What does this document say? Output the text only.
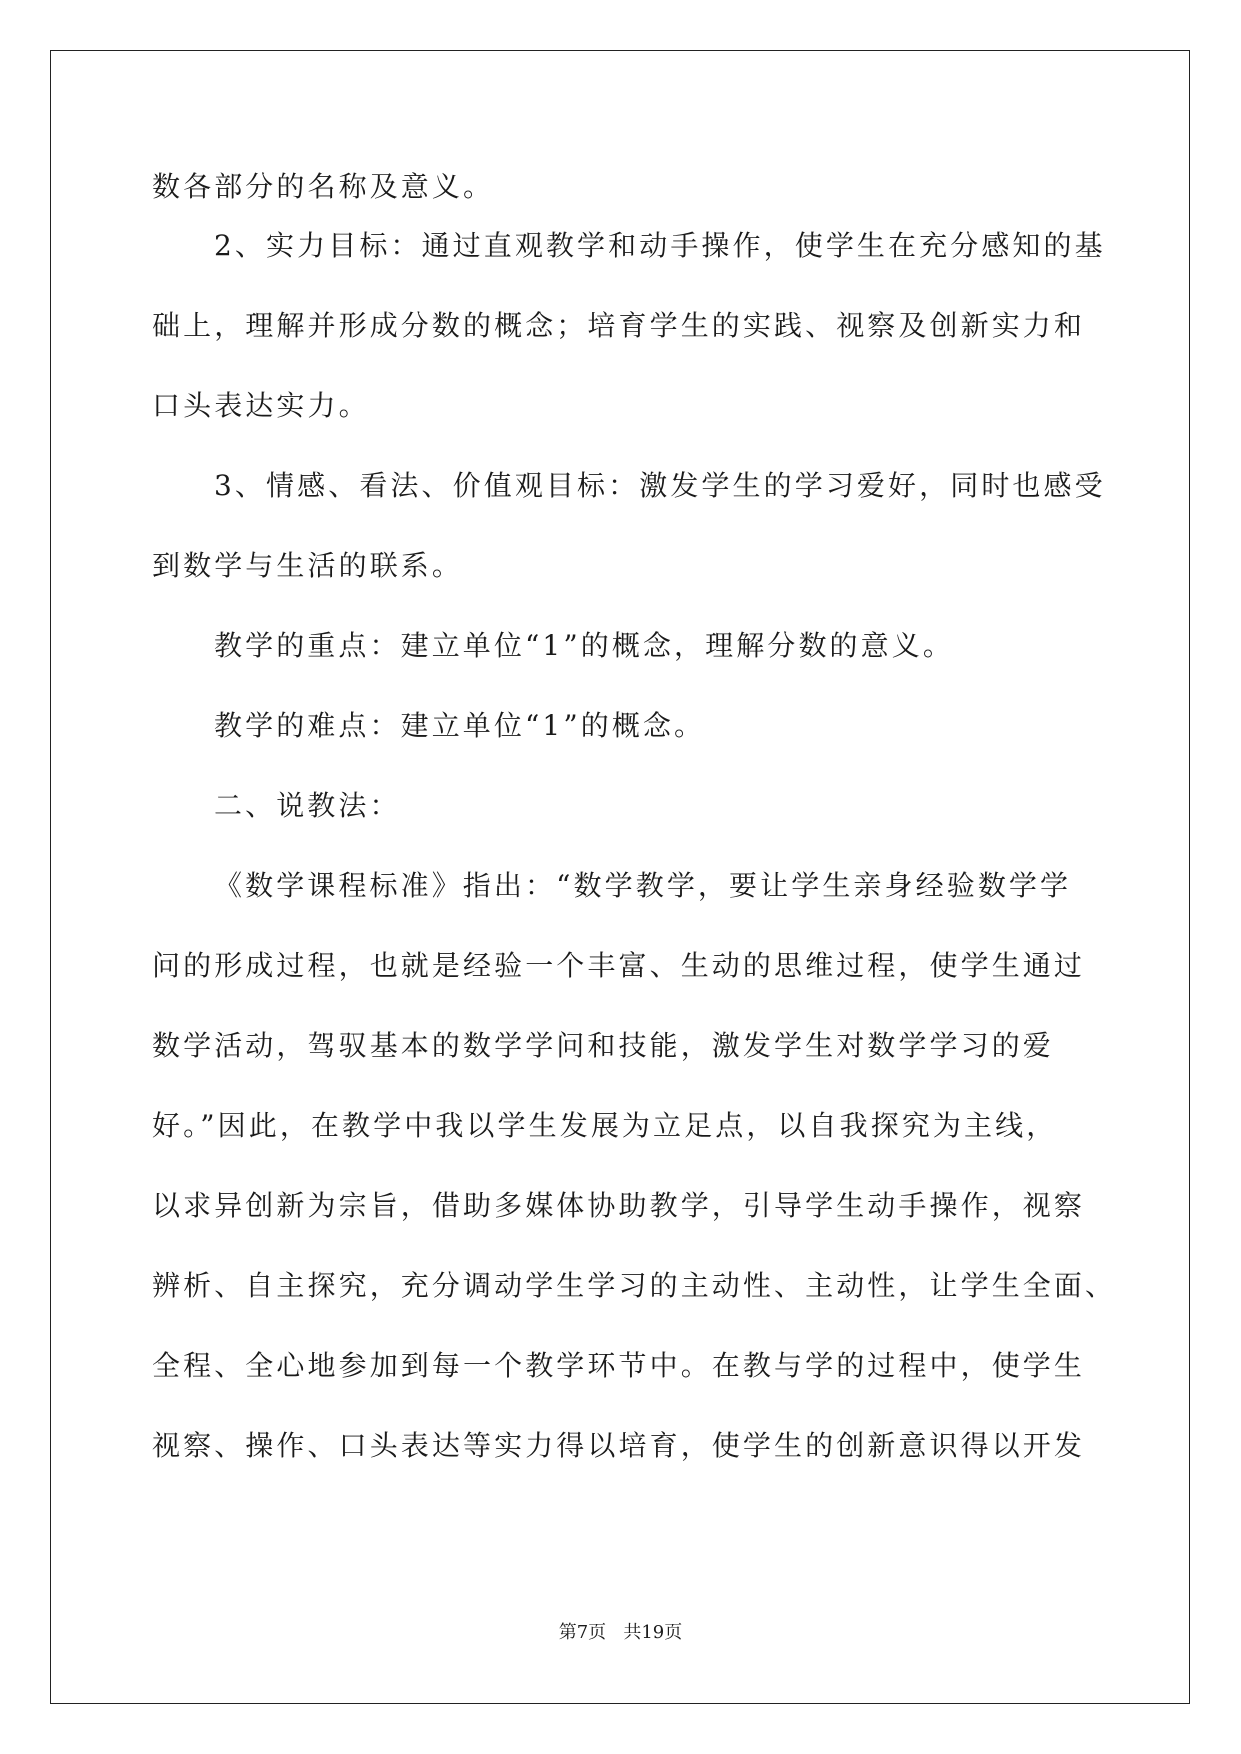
数各部分的名称及意义。
2、实力目标：通过直观教学和动手操作，使学生在充分感知的基
础上，理解并形成分数的概念；培育学生的实践、视察及创新实力和
口头表达实力。
3、情感、看法、价值观目标：激发学生的学习爱好，同时也感受
到数学与生活的联系。
教学的重点：建立单位“1”的概念，理解分数的意义。
教学的难点：建立单位“1”的概念。
二、说教法：
《数学课程标准》指出：“数学教学，要让学生亲身经验数学学
问的形成过程，也就是经验一个丰富、生动的思维过程，使学生通过
数学活动，驾驭基本的数学学问和技能，激发学生对数学学习的爱
好。”因此，在教学中我以学生发展为立足点，以自我探究为主线，
以求异创新为宗旨，借助多媒体协助教学，引导学生动手操作，视察
辨析、自主探究，充分调动学生学习的主动性、主动性，让学生全面、
全程、全心地参加到每一个教学环节中。在教与学的过程中，使学生
视察、操作、口头表达等实力得以培育，使学生的创新意识得以开发
第7页   共19页
